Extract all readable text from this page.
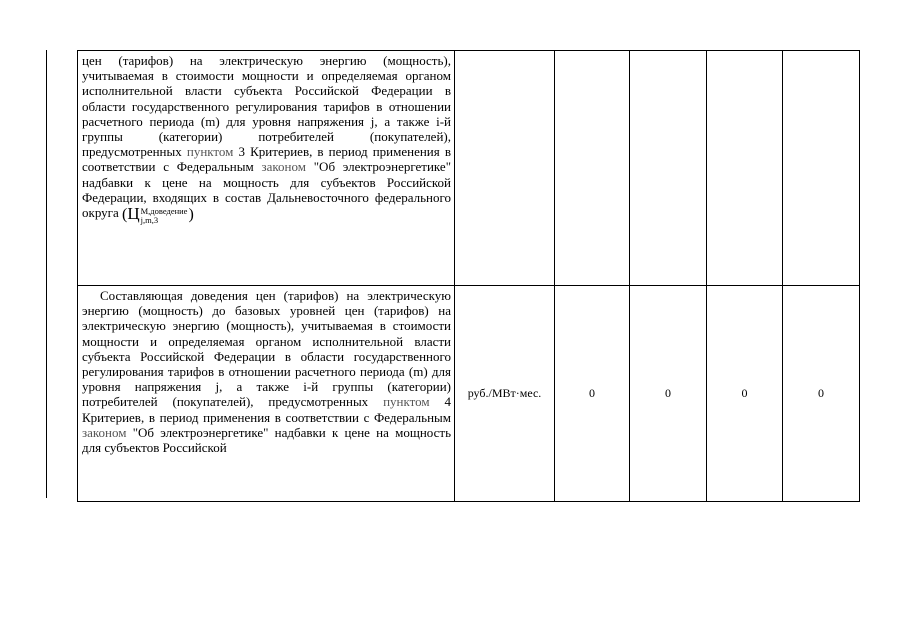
цен (тарифов) на электрическую энергию (мощность), учитываемая в стоимости мощности и определяемая органом исполнительной власти субъекта Российской Федерации в области государственного регулирования тарифов в отношении расчетного периода (m) для уровня напряжения j, а также i-й группы (категории) потребителей (покупателей), предусмотренных пунктом 3 Критериев, в период применения в соответствии с Федеральным законом "Об электроэнергетике" надбавки к цене на мощность для субъектов Российской Федерации, входящих в состав Дальневосточного федерального округа (Ц М,доведение
j,m,3 )					

Составляющая доведения цен (тарифов) на электрическую энергию (мощность) до базовых уровней цен (тарифов) на электрическую энергию (мощность), учитываемая в стоимости мощности и определяемая органом исполнительной власти субъекта Российской Федерации в области государственного регулирования тарифов в отношении расчетного периода (m) для уровня напряжения j, а также i-й группы (категории) потребителей (покупателей), предусмотренных пунктом 4 Критериев, в период применения в соответствии с Федеральным законом "Об электроэнергетике" надбавки к цене на мощность для субъектов Российской	руб./МВт·мес.	0	0	0	0
